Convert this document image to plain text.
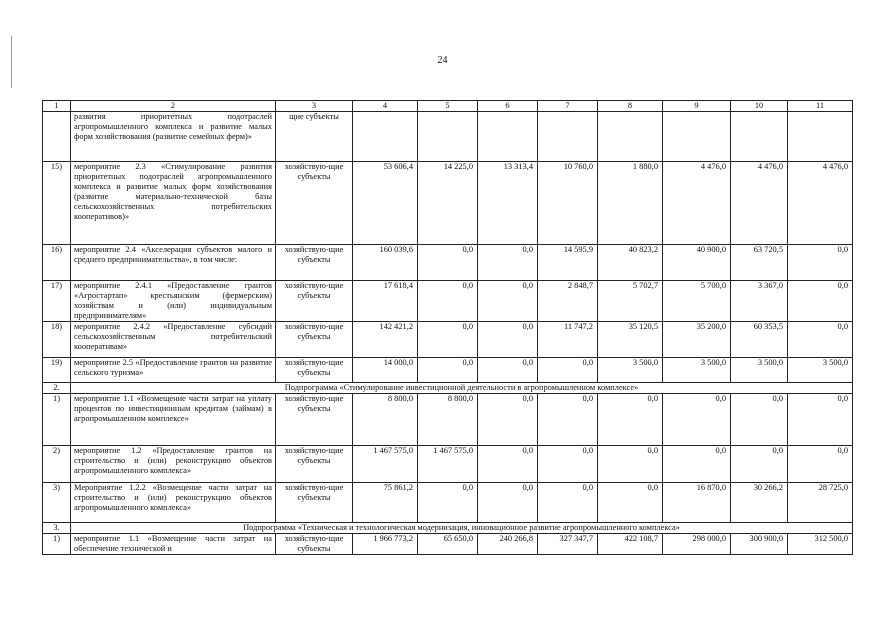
24
1	2	3	4	5	6	7	8	9	10	11
	развития приоритетных подотраслей агропромышленного комплекса и развитие малых форм хозяйствования (развитие семейных ферм)»	щие субъекты								
15)	мероприятие 2.3 «Стимулирование развития приоритетных подотраслей агропромышленного комплекса и развитие малых форм хозяйствования (развитие материально-технической базы сельскохозяйственных потребительских кооперативов)»	хозяйствую-щие субъекты	53 606,4	14 225,0	13 313,4	10 760,0	1 880,0	4 476,0	4 476,0	4 476,0
16)	мероприятие 2.4 «Акселерация субъектов малого и среднего предпринимательства», в том числе:	хозяйствую-щие субъекты	160 039,6	0,0	0,0	14 595,9	40 823,2	40 900,0	63 720,5	0,0
17)	мероприятие 2.4.1 «Предоставление грантов «Агростартап» крестьянским (фермерским) хозяйствам и (или) индивидуальным предпринимателям»	хозяйствую-щие субъекты	17 618,4	0,0	0,0	2 848,7	5 702,7	5 700,0	3 367,0	0,0
18)	мероприятие 2.4.2 «Предоставление субсидий сельскохозяйственным потребительский кооперативам»	хозяйствую-щие субъекты	142 421,2	0,0	0,0	11 747,2	35 120,5	35 200,0	60 353,5	0,0
19)	мероприятие 2.5 «Предоставление грантов на развитие сельского туризма»	хозяйствую-щие субъекты	14 000,0	0,0	0,0	0,0	3 500,0	3 500,0	3 500,0	3 500,0
2.	Подпрограмма «Стимулирование инвестиционной деятельности в агропромышленном комплексе»									
1)	мероприятие 1.1 «Возмещение части затрат на уплату процентов по инвестиционным кредитам (займам) в агропромышленном комплексе»	хозяйствую-щие субъекты	8 800,0	8 800,0	0,0	0,0	0,0	0,0	0,0	0,0
2)	мероприятие 1.2 «Предоставление грантов на строительство и (или) реконструкцию объектов агропромышленного комплекса»	хозяйствую-щие субъекты	1 467 575,0	1 467 575,0	0,0	0,0	0,0	0,0	0,0	0,0
3)	Мероприятие 1.2.2 «Возмещение части затрат на строительство и (или) реконструкцию объектов агропромышленного комплекса»	хозяйствую-щие субъекты	75 861,2	0,0	0,0	0,0	0,0	16 870,0	30 266,2	28 725,0
3.	Подпрограмма «Техническая и технологическая модернизация, инновационное развитие агропромышленного комплекса»									
1)	мероприятие 1.1 «Возмещение части затрат на обеспечение технической и	хозяйствую-щие субъекты	1 966 773,2	65 650,0	240 266,8	327 347,7	422 108,7	298 000,0	300 900,0	312 500,0
